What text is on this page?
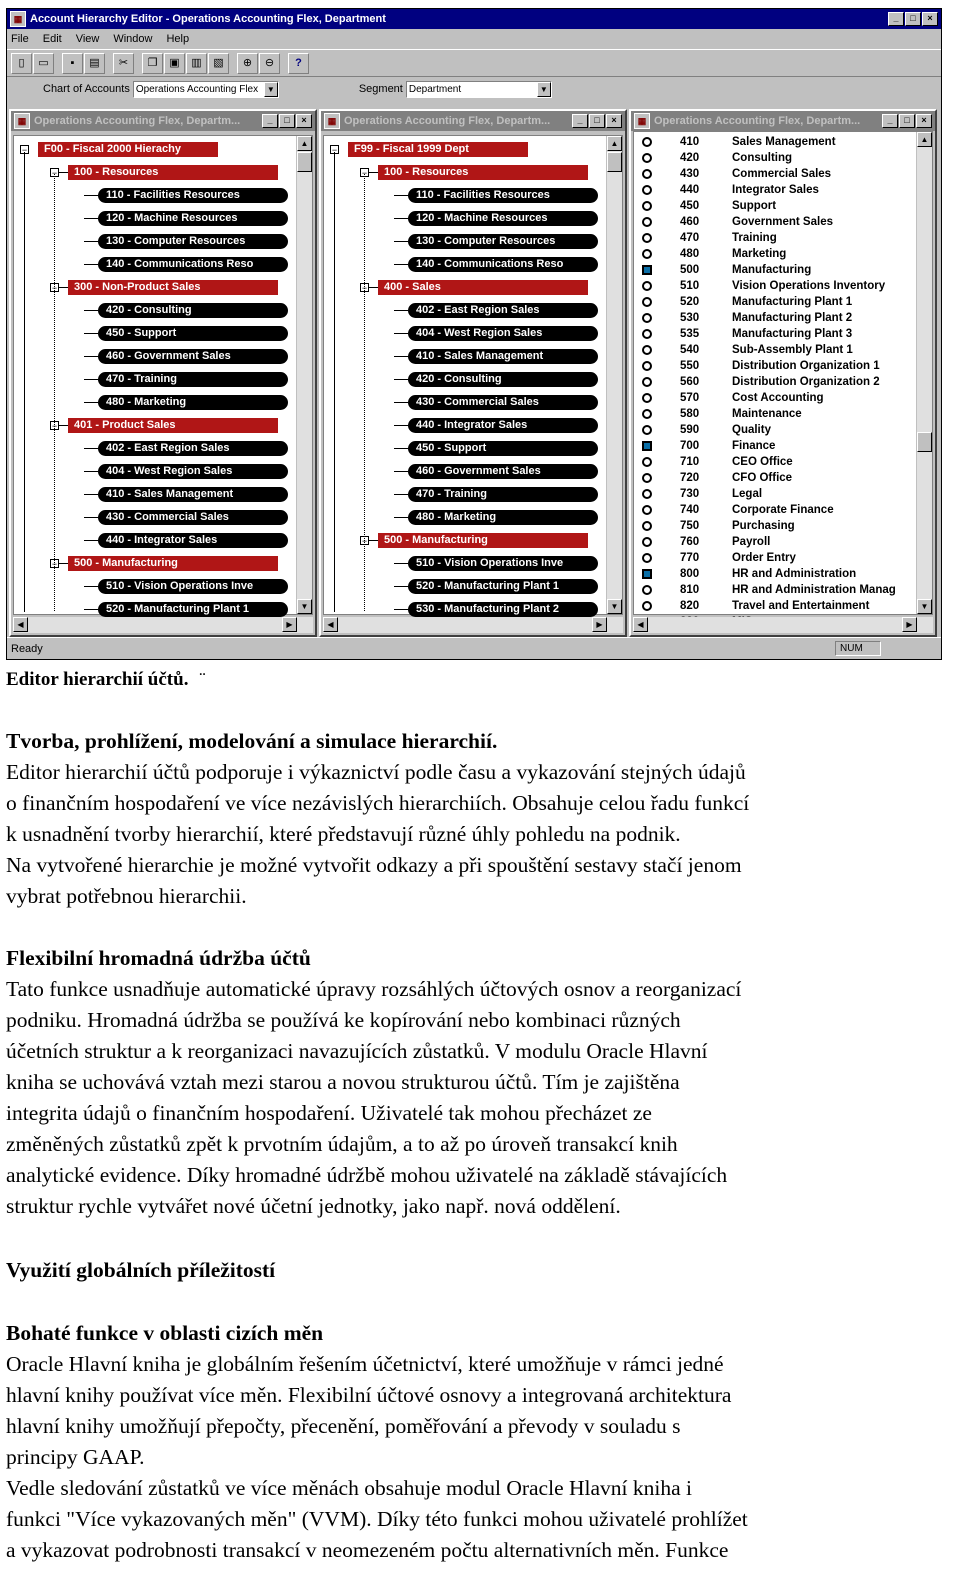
▦ Account Hierarchy Editor - Operations Accounting Flex, Department	_	□	×
File Edit View Window Help
▯	▭	▪	▤	✂	❐	▣	▥	▧	⊕	⊖	?
Chart of Accounts Operations Accounting Flex	▼	Segment Department	▼
▦ Operations Accounting Flex, Departm...	_	□	×
−	F00 - Fiscal 2000 Hierachy
−	100 - Resources
110 - Facilities Resources
120 - Machine Resources
130 - Computer Resources
140 - Communications Reso
−	300 - Non-Product Sales
420 - Consulting
450 - Support
460 - Government Sales
470 - Training
480 - Marketing
−	401 - Product Sales
402 - East Region Sales
404 - West Region Sales
410 - Sales Management
430 - Commercial Sales
440 - Integrator Sales
−	500 - Manufacturing
510 - Vision Operations Inve
520 - Manufacturing Plant 1
▲
▼
◀	▶
▦ Operations Accounting Flex, Departm...	_	□	×
−	F99 - Fiscal 1999 Dept
−	100 - Resources
110 - Facilities Resources
120 - Machine Resources
130 - Computer Resources
140 - Communications Reso
−	400 - Sales
402 - East Region Sales
404 - West Region Sales
410 - Sales Management
420 - Consulting
430 - Commercial Sales
440 - Integrator Sales
450 - Support
460 - Government Sales
470 - Training
480 - Marketing
−	500 - Manufacturing
510 - Vision Operations Inve
520 - Manufacturing Plant 1
530 - Manufacturing Plant 2
▲
▼
◀	▶
▦ Operations Accounting Flex, Departm...	_	□	×
410	Sales Management
420	Consulting
430	Commercial Sales
440	Integrator Sales
450	Support
460	Government Sales
470	Training
480	Marketing
500	Manufacturing
510	Vision Operations Inventory
520	Manufacturing Plant 1
530	Manufacturing Plant 2
535	Manufacturing Plant 3
540	Sub-Assembly Plant 1
550	Distribution Organization 1
560	Distribution Organization 2
570	Cost Accounting
580	Maintenance
590	Quality
700	Finance
710	CEO Office
720	CFO Office
730	Legal
740	Corporate Finance
750	Purchasing
760	Payroll
770	Order Entry
800	HR and Administration
810	HR and Administration Manag
820	Travel and Entertainment
▲
▼
◀	▶
Ready	NUM
Editor hierarchií účtů. ¨
Tvorba, prohlížení, modelování a simulace hierarchií.
Editor hierarchií účtů podporuje i výkaznictví podle času a vykazování stejných údajů
o finančním hospodaření ve více nezávislých hierarchiích. Obsahuje celou řadu funkcí
k usnadnění tvorby hierarchií, které představují různé úhly pohledu na podnik.
Na vytvořené hierarchie je možné vytvořit odkazy a při spouštění sestavy stačí jenom
vybrat potřebnou hierarchii.
Flexibilní hromadná údržba účtů
Tato funkce usnadňuje automatické úpravy rozsáhlých účtových osnov a reorganizací
podniku. Hromadná údržba se používá ke kopírování nebo kombinaci různých
účetních struktur a k reorganizaci navazujících zůstatků. V modulu Oracle Hlavní
kniha se uchovává vztah mezi starou a novou strukturou účtů. Tím je zajištěna
integrita údajů o finančním hospodaření. Uživatelé tak mohou přecházet ze
změněných zůstatků zpět k prvotním údajům, a to až po úroveň transakcí knih
analytické evidence. Díky hromadné údržbě mohou uživatelé na základě stávajících
struktur rychle vytvářet nové účetní jednotky, jako např. nová oddělení.
Využití globálních příležitostí
Bohaté funkce v oblasti cizích měn
Oracle Hlavní kniha je globálním řešením účetnictví, které umožňuje v rámci jedné
hlavní knihy používat více měn. Flexibilní účtové osnovy a integrovaná architektura
hlavní knihy umožňují přepočty, přecenění, poměřování a převody v souladu s
principy GAAP.
Vedle sledování zůstatků ve více měnách obsahuje modul Oracle Hlavní kniha i
funkci "Více vykazovaných měn" (VVM). Díky této funkci mohou uživatelé prohlížet
a vykazovat podrobnosti transakcí v neomezeném počtu alternativních měn. Funkce
